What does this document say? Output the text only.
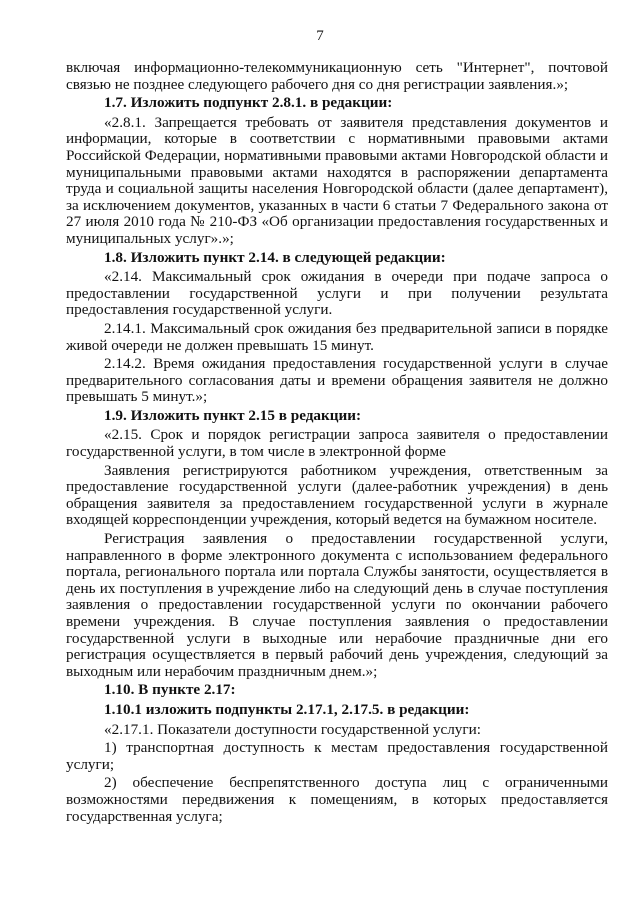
7

включая информационно-телекоммуникационную сеть "Интернет", почтовой связью не позднее следующего рабочего дня со дня регистрации заявления.»;

1.7. Изложить подпункт 2.8.1. в редакции:

«2.8.1. Запрещается требовать от заявителя представления документов и информации, которые в соответствии с нормативными правовыми актами Российской Федерации, нормативными правовыми актами Новгородской области и муниципальными правовыми актами находятся в распоряжении департамента труда и социальной защиты населения Новгородской области (далее департамент), за исключением документов, указанных в части 6 статьи 7 Федерального закона от 27 июля 2010 года № 210-ФЗ «Об организации предоставления государственных и муниципальных услуг».»;

1.8. Изложить пункт 2.14. в следующей редакции:

«2.14. Максимальный срок ожидания в очереди при подаче запроса о предоставлении государственной услуги и при получении результата предоставления государственной услуги.

2.14.1. Максимальный срок ожидания без предварительной записи в порядке живой очереди не должен превышать 15 минут.

2.14.2. Время ожидания предоставления государственной услуги в случае предварительного согласования даты и времени обращения заявителя не должно превышать 5 минут.»;

1.9. Изложить пункт 2.15 в редакции:

«2.15. Срок и порядок регистрации запроса заявителя о предоставлении государственной услуги, в том числе в электронной форме

Заявления регистрируются работником учреждения, ответственным за предоставление государственной услуги (далее-работник учреждения) в день обращения заявителя за предоставлением государственной услуги в журнале входящей корреспонденции учреждения, который ведется на бумажном носителе.

Регистрация заявления о предоставлении государственной услуги, направленного в форме электронного документа с использованием федерального портала, регионального портала или портала Службы занятости, осуществляется в день их поступления в учреждение либо на следующий день в случае поступления заявления о предоставлении государственной услуги по окончании рабочего времени учреждения. В случае поступления заявления о предоставлении государственной услуги в выходные или нерабочие праздничные дни его регистрация осуществляется в первый рабочий день учреждения, следующий за выходным или нерабочим праздничным днем.»;

1.10. В пункте 2.17:

1.10.1 изложить подпункты 2.17.1, 2.17.5. в редакции:

«2.17.1. Показатели доступности государственной услуги:

1) транспортная доступность к местам предоставления государственной услуги;

2) обеспечение беспрепятственного доступа лиц с ограниченными возможностями передвижения к помещениям, в которых предоставляется государственная услуга;
